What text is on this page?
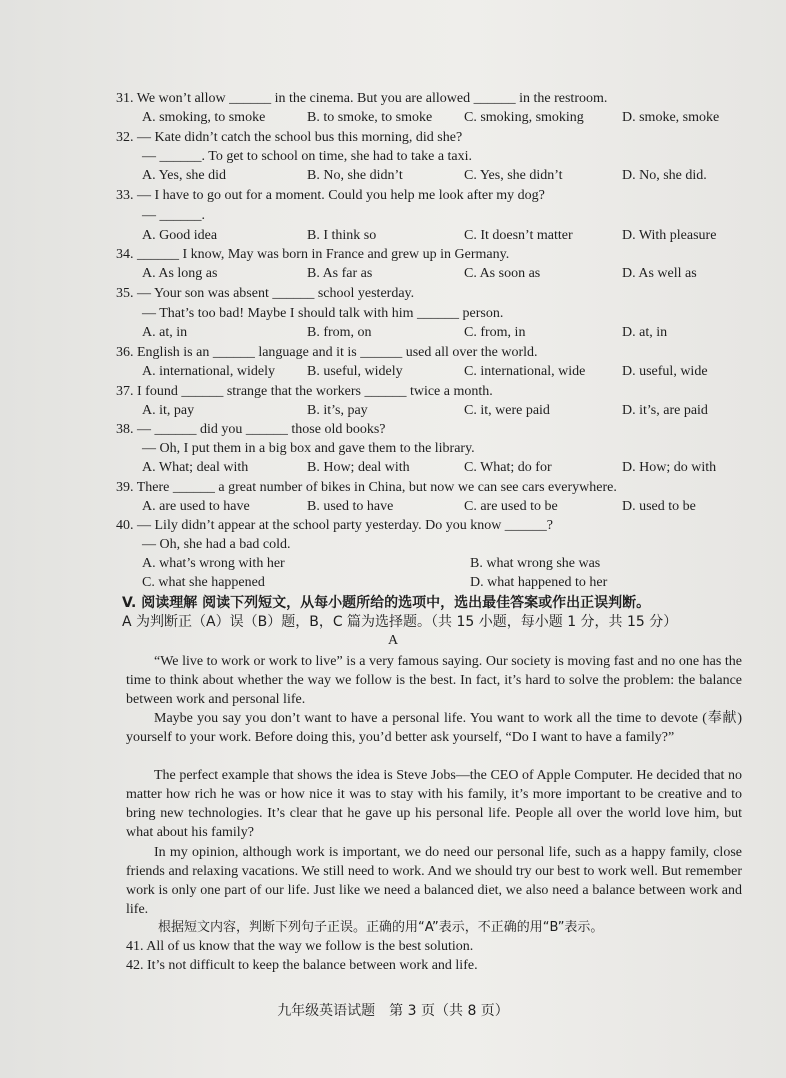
31. We won’t allow ______ in the cinema. But you are allowed ______ in the restroom.
A. smoking, to smoke	B. to smoke, to smoke C. smoking, smoking	D. smoke, smoke
32. — Kate didn’t catch the school bus this morning, did she?
— ______. To get to school on time, she had to take a taxi.
A. Yes, she did	B. No, she didn’t	C. Yes, she didn’t	D. No, she did.
33. — I have to go out for a moment. Could you help me look after my dog?
— ______.
A. Good idea	B. I think so	C. It doesn’t matter	D. With pleasure
34. ______ I know, May was born in France and grew up in Germany.
A. As long as	B. As far as	C. As soon as	D. As well as
35. — Your son was absent ______ school yesterday.
— That’s too bad! Maybe I should talk with him ______ person.
A. at, in	B. from, on	C. from, in	D. at, in
36. English is an ______ language and it is ______ used all over the world.
A. international, widely B. useful, widely	C. international, wide	D. useful, wide
37. I found ______ strange that the workers ______ twice a month.
A. it, pay	B. it’s, pay	C. it, were paid	D. it’s, are paid
38. — ______ did you ______ those old books?
— Oh, I put them in a big box and gave them to the library.
A. What; deal with	B. How; deal with	C. What; do for	D. How; do with
39. There ______ a great number of bikes in China, but now we can see cars everywhere.
A. are used to have	B. used to have	C. are used to be	D. used to be
40. — Lily didn’t appear at the school party yesterday. Do you know ______?
— Oh, she had a bad cold.
A. what’s wrong with her	B. what wrong she was
C. what she happened	D. what happened to her
V. 阅读理解 阅读下列短文，从每小题所给的选项中，选出最佳答案或作出正误判断。
A 为判断正（A）误（B）题，B，C 篇为选择题。（共 15 小题，每小题 1 分，共 15 分）
A
“We live to work or work to live” is a very famous saying. Our society is moving fast and no one has the time to think about whether the way we follow is the best. In fact, it’s hard to solve the problem: the balance between work and personal life.
Maybe you say you don’t want to have a personal life. You want to work all the time to devote (奉献) yourself to your work. Before doing this, you’d better ask yourself, “Do I want to have a family?”
The perfect example that shows the idea is Steve Jobs—the CEO of Apple Computer. He decided that no matter how rich he was or how nice it was to stay with his family, it’s more important to be creative and to bring new technologies. It’s clear that he gave up his personal life. People all over the world love him, but what about his family?
In my opinion, although work is important, we do need our personal life, such as a happy family, close friends and relaxing vacations. We still need to work. And we should try our best to work well. But remember work is only one part of our life. Just like we need a balanced diet, we also need a balance between work and life.
根据短文内容，判断下列句子正误。正确的用“A”表示，不正确的用“B”表示。
41. All of us know that the way we follow is the best solution.
42. It’s not difficult to keep the balance between work and life.
九年级英语试题　第 3 页（共 8 页）
